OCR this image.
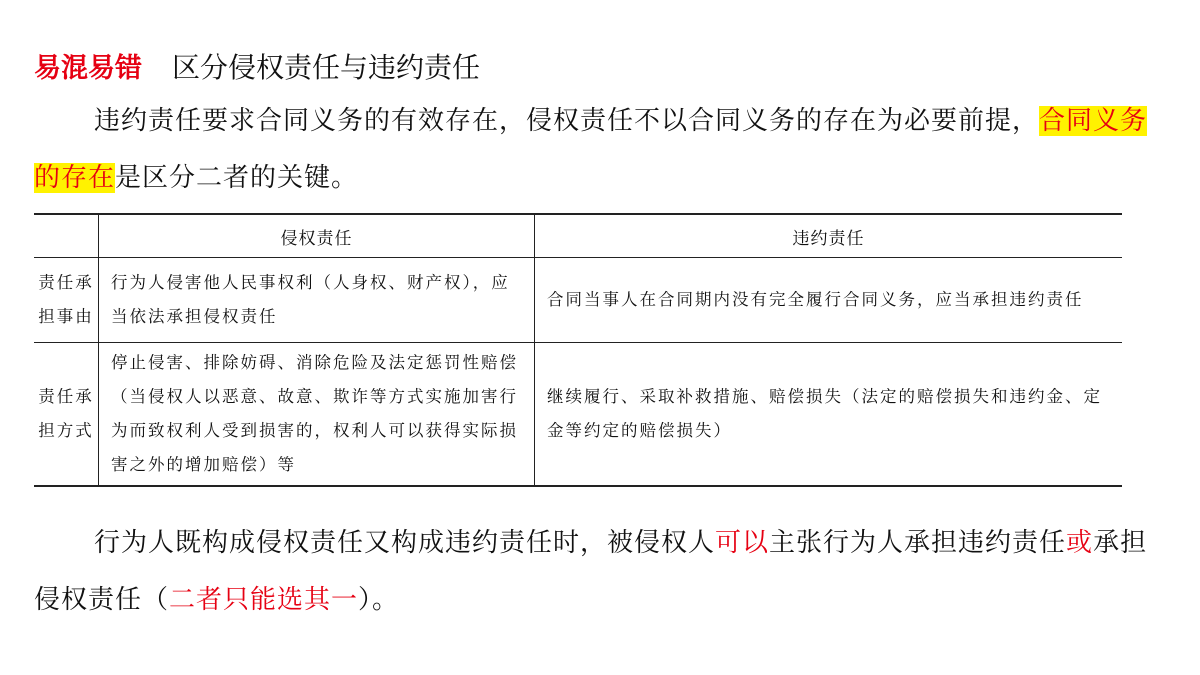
易混易错 区分侵权责任与违约责任

违约责任要求合同义务的有效存在，侵权责任不以合同义务的存在为必要前提，合同义务的存在是区分二者的关键。

	侵权责任	违约责任
责任承担事由	行为人侵害他人民事权利（人身权、财产权），应当依法承担侵权责任	合同当事人在合同期内没有完全履行合同义务，应当承担违约责任
责任承担方式	停止侵害、排除妨碍、消除危险及法定惩罚性赔偿（当侵权人以恶意、故意、欺诈等方式实施加害行为而致权利人受到损害的，权利人可以获得实际损害之外的增加赔偿）等	继续履行、采取补救措施、赔偿损失（法定的赔偿损失和违约金、定金等约定的赔偿损失）

行为人既构成侵权责任又构成违约责任时，被侵权人可以主张行为人承担违约责任或承担侵权责任（二者只能选其一）。
